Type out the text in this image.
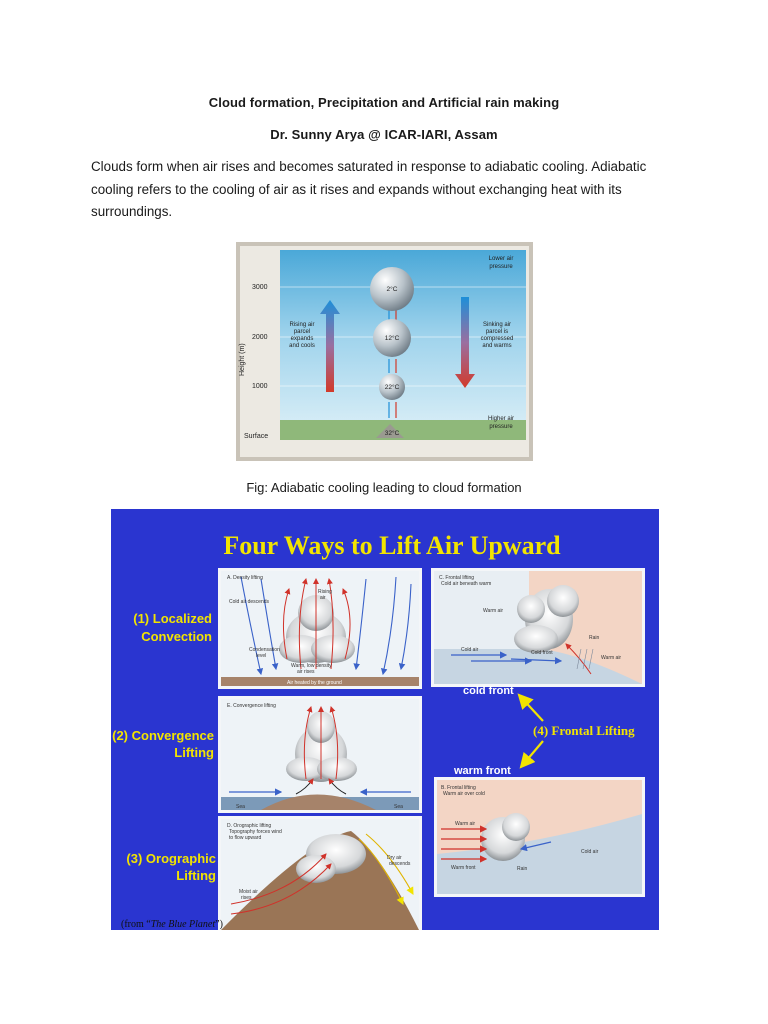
Cloud formation, Precipitation and Artificial rain making
Dr. Sunny Arya @ ICAR-IARI, Assam
Clouds form when air rises and becomes saturated in response to adiabatic cooling. Adiabatic cooling refers to the cooling of air as it rises and expands without exchanging heat with its surroundings.
Height (m)
3000
2000
1000
Surface
Lower air
pressure
Higher air
pressure
Rising air
parcel
expands
and cools
Sinking air
parcel is
compressed
and warms
2°C
12°C
22°C
32°C
Fig: Adiabatic cooling leading to cloud formation
Four Ways to Lift Air Upward
(1) Localized
Convection
(2) Convergence
Lifting
(3) Orographic
Lifting
A. Density lifting
Cold air descends
Rising
air
Condensation
level
Warm, low density
air rises
Air heated by the ground
C. Frontal lifting
Cold air beneath warm
Warm air
Cold air	Cold front
Rain
Warm air
E. Convergence lifting
Sea	Sea
D. Orographic lifting
Topography forces wind
to flow upward
Dry air
descends
Moist air
rises
cold front
warm front
(4) Frontal Lifting
B. Frontal lifting
Warm air over cold
Warm air
Cold air
Warm front	Rain
(from “The Blue Planet”)
